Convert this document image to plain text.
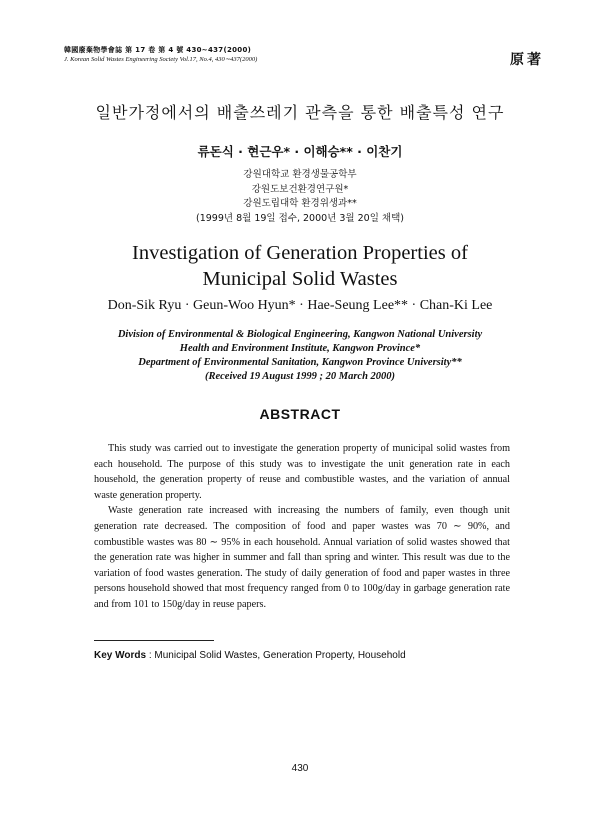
韓國廢棄物學會誌 第 17 卷 第 4 號 430∼437(2000)
J. Korean Solid Wastes Engineering Society Vol.17, No.4, 430∼437(2000)	原著
일반가정에서의 배출쓰레기 관측을 통한 배출특성 연구
류돈식 · 현근우* · 이해승** · 이찬기
강원대학교 환경생물공학부
강원도보건환경연구원*
강원도립대학 환경위생과**
(1999년 8월 19일 접수, 2000년 3월 20일 채택)
Investigation of Generation Properties of
Municipal Solid Wastes
Don-Sik Ryu · Geun-Woo Hyun* · Hae-Seung Lee** · Chan-Ki Lee
Division of Environmental & Biological Engineering, Kangwon National University
Health and Environment Institute, Kangwon Province*
Department of Environmental Sanitation, Kangwon Province University**
(Received 19 August 1999 ; 20 March 2000)
ABSTRACT

This study was carried out to investigate the generation property of municipal solid wastes from each household. The purpose of this study was to investigate the unit generation rate in each household, the generation property of reuse and combustible wastes, and the variation of annual waste generation property.

Waste generation rate increased with increasing the numbers of family, even though unit generation rate decreased. The composition of food and paper wastes was 70 ∼ 90%, and combustible wastes was 80 ∼ 95% in each household. Annual variation of solid wastes showed that the generation rate was higher in summer and fall than spring and winter. This result was due to the variation of food wastes generation. The study of daily generation of food and paper wastes in three persons household showed that most frequency ranged from 0 to 100g/day in garbage generation rate and from 101 to 150g/day in reuse papers.

Key Words : Municipal Solid Wastes, Generation Property, Household
430
